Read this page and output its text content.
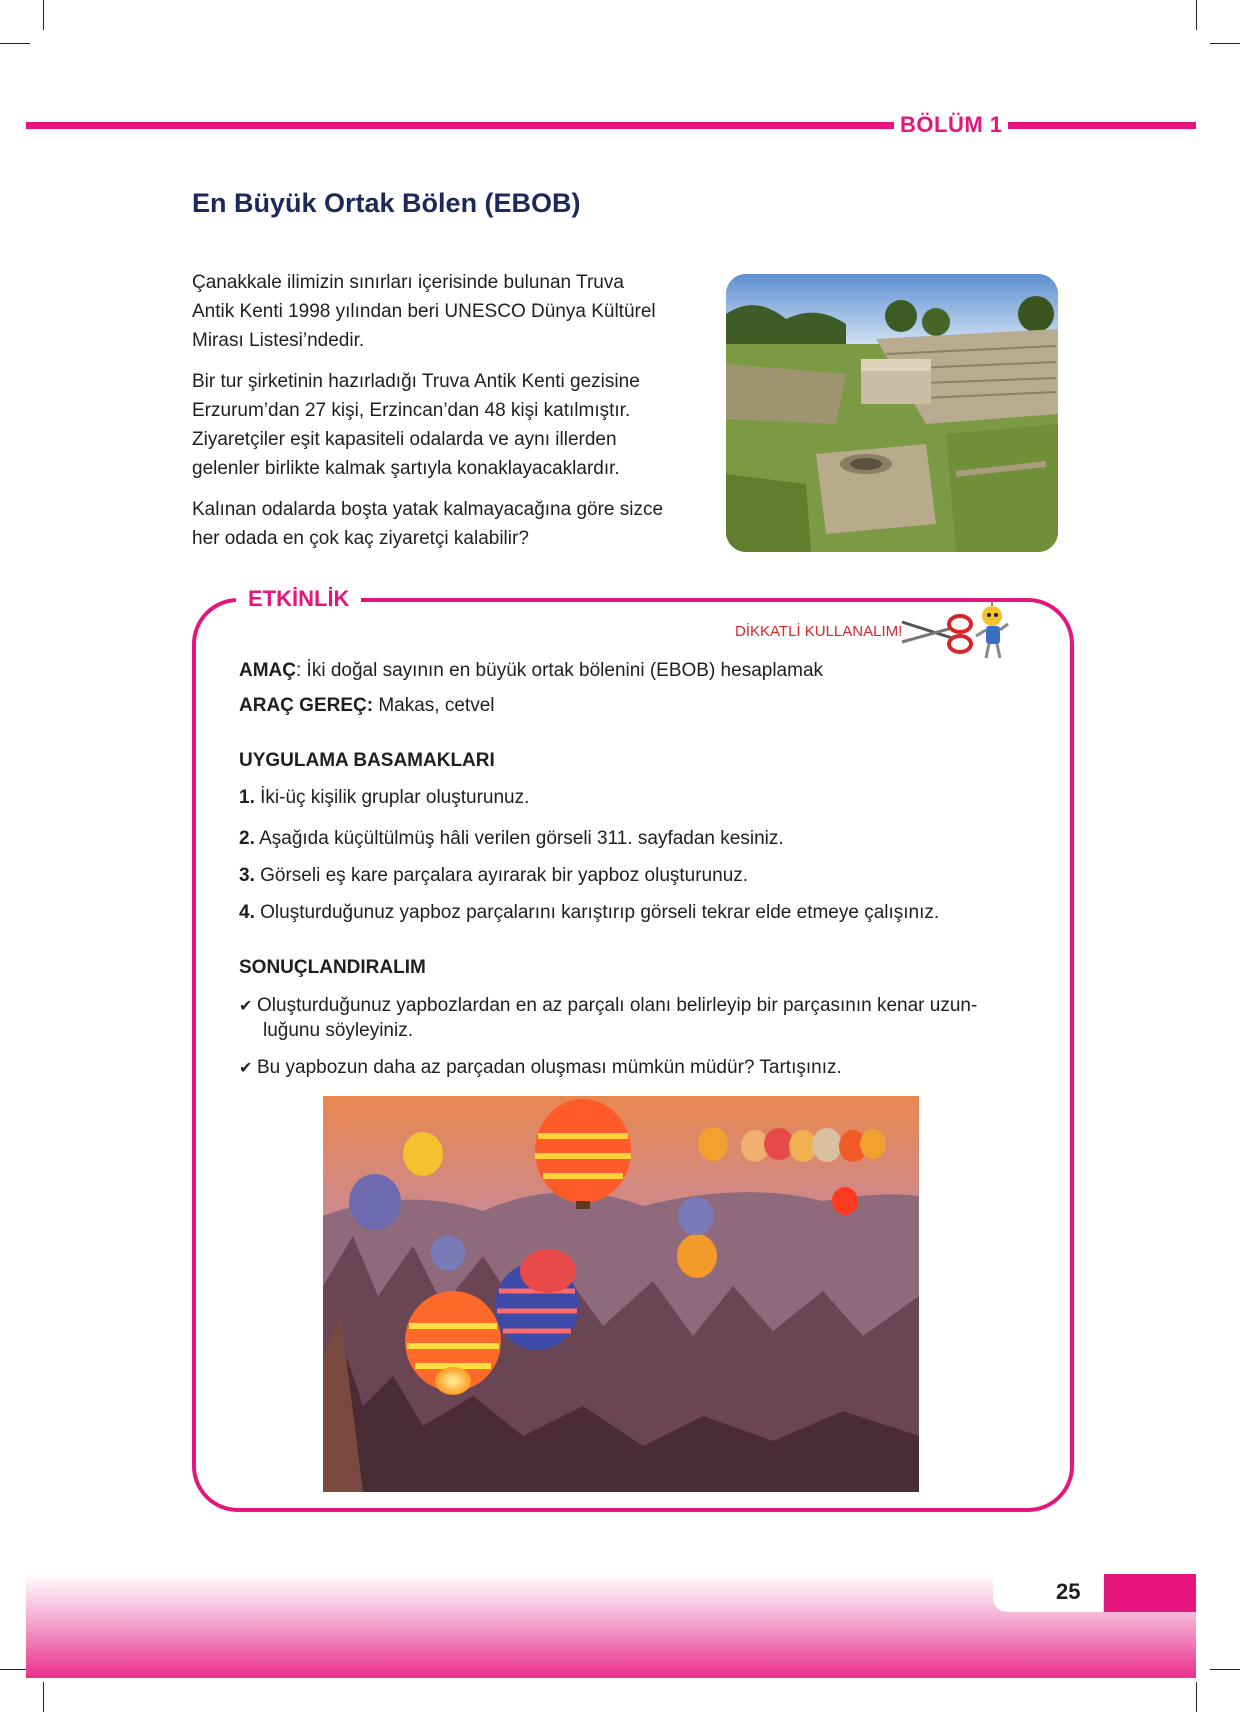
BÖLÜM 1
En Büyük Ortak Bölen (EBOB)

Çanakkale ilimizin sınırları içerisinde bulunan Truva
Antik Kenti 1998 yılından beri UNESCO Dünya Kültürel
Mirası Listesi’ndedir.

Bir tur şirketinin hazırladığı Truva Antik Kenti gezisine
Erzurum’dan 27 kişi, Erzincan’dan 48 kişi katılmıştır.
Ziyaretçiler eşit kapasiteli odalarda ve aynı illerden
gelenler birlikte kalmak şartıyla konaklayacaklardır.

Kalınan odalarda boşta yatak kalmayacağına göre sizce
her odada en çok kaç ziyaretçi kalabilir?

ETKİNLİK
DİKKATLİ KULLANALIM!
AMAÇ: İki doğal sayının en büyük ortak bölenini (EBOB) hesaplamak
ARAÇ GEREÇ: Makas, cetvel
UYGULAMA BASAMAKLARI
1. İki-üç kişilik gruplar oluşturunuz.
2. Aşağıda küçültülmüş hâli verilen görseli 311. sayfadan kesiniz.
3. Görseli eş kare parçalara ayırarak bir yapboz oluşturunuz.
4. Oluşturduğunuz yapboz parçalarını karıştırıp görseli tekrar elde etmeye çalışınız.
SONUÇLANDIRALIM
✔ Oluşturduğunuz yapbozlardan en az parçalı olanı belirleyip bir parçasının kenar uzun-
luğunu söyleyiniz.
✔ Bu yapbozun daha az parçadan oluşması mümkün müdür? Tartışınız.
25
